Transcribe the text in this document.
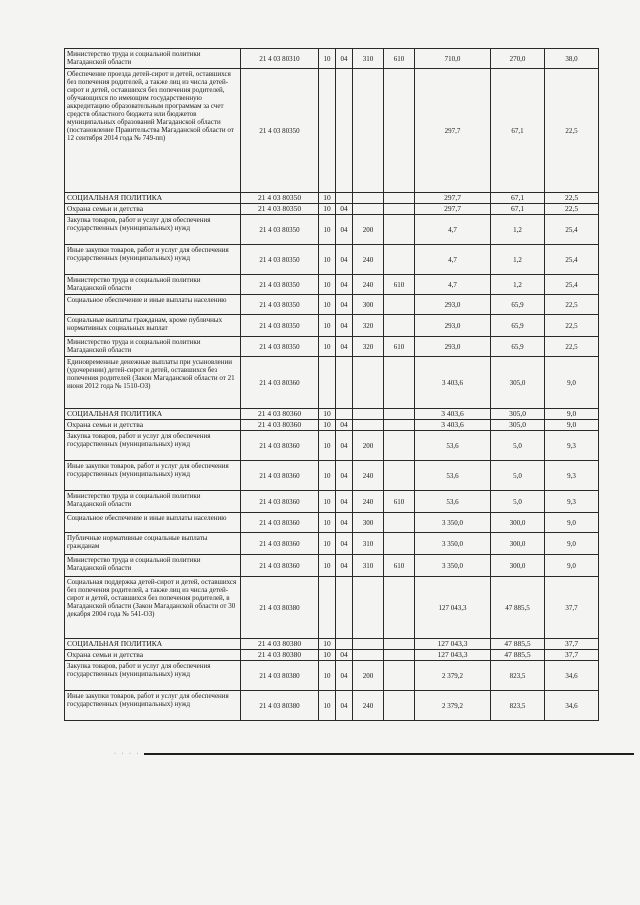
Министерство труда и социальной политики Магаданской области	21 4 03 80310	10	04	310	610	710,0	270,0	38,0
Обеспечение проезда детей-сирот и детей, оставшихся без попечения родителей, а также лиц из числа детей-сирот и детей, оставшихся без попечения родителей, обучающихся по имеющим государственную аккредитацию образовательным программам за счет средств областного бюджета или бюджетов муниципальных образований Магаданской области (постановление Правительства Магаданской области от 12 сентября 2014 года № 749-пп)	21 4 03 80350					297,7	67,1	22,5
СОЦИАЛЬНАЯ ПОЛИТИКА	21 4 03 80350	10				297,7	67,1	22,5
Охрана семьи и детства	21 4 03 80350	10	04			297,7	67,1	22,5
Закупка товаров, работ и услуг для обеспечения государственных (муниципальных) нужд	21 4 03 80350	10	04	200		4,7	1,2	25,4
Иные закупки товаров, работ и услуг для обеспечения государственных (муниципальных) нужд	21 4 03 80350	10	04	240		4,7	1,2	25,4
Министерство труда и социальной политики Магаданской области	21 4 03 80350	10	04	240	610	4,7	1,2	25,4
Социальное обеспечение и иные выплаты населению	21 4 03 80350	10	04	300		293,0	65,9	22,5
Социальные выплаты гражданам, кроме публичных нормативных социальных выплат	21 4 03 80350	10	04	320		293,0	65,9	22,5
Министерство труда и социальной политики Магаданской области	21 4 03 80350	10	04	320	610	293,0	65,9	22,5
Единовременные денежные выплаты при усыновлении (удочерении) детей-сирот и детей, оставшихся без попечения родителей (Закон Магаданской области от 21 июня 2012 года № 1510-ОЗ)	21 4 03 80360					3 403,6	305,0	9,0
СОЦИАЛЬНАЯ ПОЛИТИКА	21 4 03 80360	10				3 403,6	305,0	9,0
Охрана семьи и детства	21 4 03 80360	10	04			3 403,6	305,0	9,0
Закупка товаров, работ и услуг для обеспечения государственных (муниципальных) нужд	21 4 03 80360	10	04	200		53,6	5,0	9,3
Иные закупки товаров, работ и услуг для обеспечения государственных (муниципальных) нужд	21 4 03 80360	10	04	240		53,6	5,0	9,3
Министерство труда и социальной политики Магаданской области	21 4 03 80360	10	04	240	610	53,6	5,0	9,3
Социальное обеспечение и иные выплаты населению	21 4 03 80360	10	04	300		3 350,0	300,0	9,0
Публичные нормативные социальные выплаты гражданам	21 4 03 80360	10	04	310		3 350,0	300,0	9,0
Министерство труда и социальной политики Магаданской области	21 4 03 80360	10	04	310	610	3 350,0	300,0	9,0
Социальная поддержка детей-сирот и детей, оставшихся без попечения родителей, а также лиц из числа детей-сирот и детей, оставшихся без попечения родителей, в Магаданской области (Закон Магаданской области от 30 декабря 2004 года № 541-ОЗ)	21 4 03 80380					127 043,3	47 885,5	37,7
СОЦИАЛЬНАЯ ПОЛИТИКА	21 4 03 80380	10				127 043,3	47 885,5	37,7
Охрана семьи и детства	21 4 03 80380	10	04			127 043,3	47 885,5	37,7
Закупка товаров, работ и услуг для обеспечения государственных (муниципальных) нужд	21 4 03 80380	10	04	200		2 379,2	823,5	34,6
Иные закупки товаров, работ и услуг для обеспечения государственных (муниципальных) нужд	21 4 03 80380	10	04	240		2 379,2	823,5	34,6
· · · ·
